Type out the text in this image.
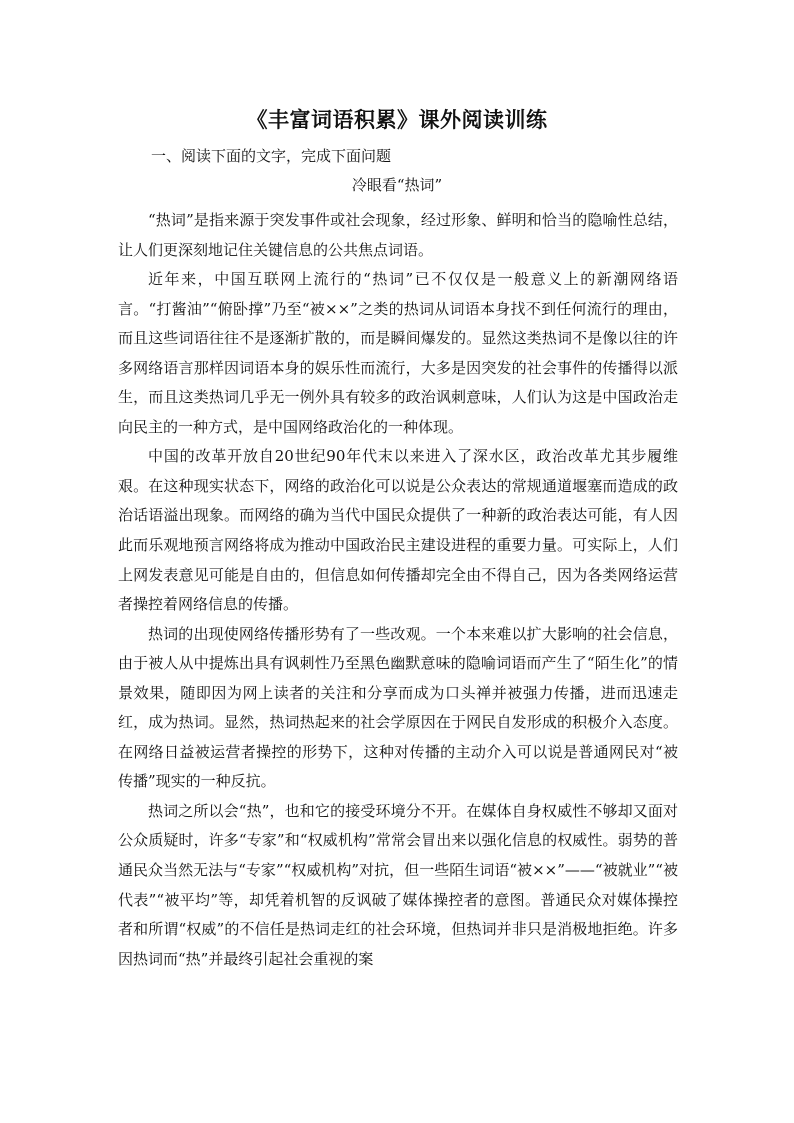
《丰富词语积累》课外阅读训练
一、阅读下面的文字，完成下面问题
冷眼看“热词”

“热词”是指来源于突发事件或社会现象，经过形象、鲜明和恰当的隐喻性总结，让人们更深刻地记住关键信息的公共焦点词语。

近年来，中国互联网上流行的“热词”已不仅仅是一般意义上的新潮网络语言。“打酱油”“俯卧撑”乃至“被××”之类的热词从词语本身找不到任何流行的理由，而且这些词语往往不是逐渐扩散的，而是瞬间爆发的。显然这类热词不是像以往的许多网络语言那样因词语本身的娱乐性而流行，大多是因突发的社会事件的传播得以派生，而且这类热词几乎无一例外具有较多的政治讽刺意味，人们认为这是中国政治走向民主的一种方式，是中国网络政治化的一种体现。

中国的改革开放自20世纪90年代末以来进入了深水区，政治改革尤其步履维艰。在这种现实状态下，网络的政治化可以说是公众表达的常规通道堰塞而造成的政治话语溢出现象。而网络的确为当代中国民众提供了一种新的政治表达可能，有人因此而乐观地预言网络将成为推动中国政治民主建设进程的重要力量。可实际上，人们上网发表意见可能是自由的，但信息如何传播却完全由不得自己，因为各类网络运营者操控着网络信息的传播。

热词的出现使网络传播形势有了一些改观。一个本来难以扩大影响的社会信息，由于被人从中提炼出具有讽刺性乃至黑色幽默意味的隐喻词语而产生了“陌生化”的情景效果，随即因为网上读者的关注和分享而成为口头禅并被强力传播，进而迅速走红，成为热词。显然，热词热起来的社会学原因在于网民自发形成的积极介入态度。在网络日益被运营者操控的形势下，这种对传播的主动介入可以说是普通网民对“被传播”现实的一种反抗。

热词之所以会“热”，也和它的接受环境分不开。在媒体自身权威性不够却又面对公众质疑时，许多“专家”和“权威机构”常常会冒出来以强化信息的权威性。弱势的普通民众当然无法与“专家”“权威机构”对抗，但一些陌生词语“被××”——“被就业”“被代表”“被平均”等，却凭着机智的反讽破了媒体操控者的意图。普通民众对媒体操控者和所谓“权威”的不信任是热词走红的社会环境，但热词并非只是消极地拒绝。许多因热词而“热”并最终引起社会重视的案
